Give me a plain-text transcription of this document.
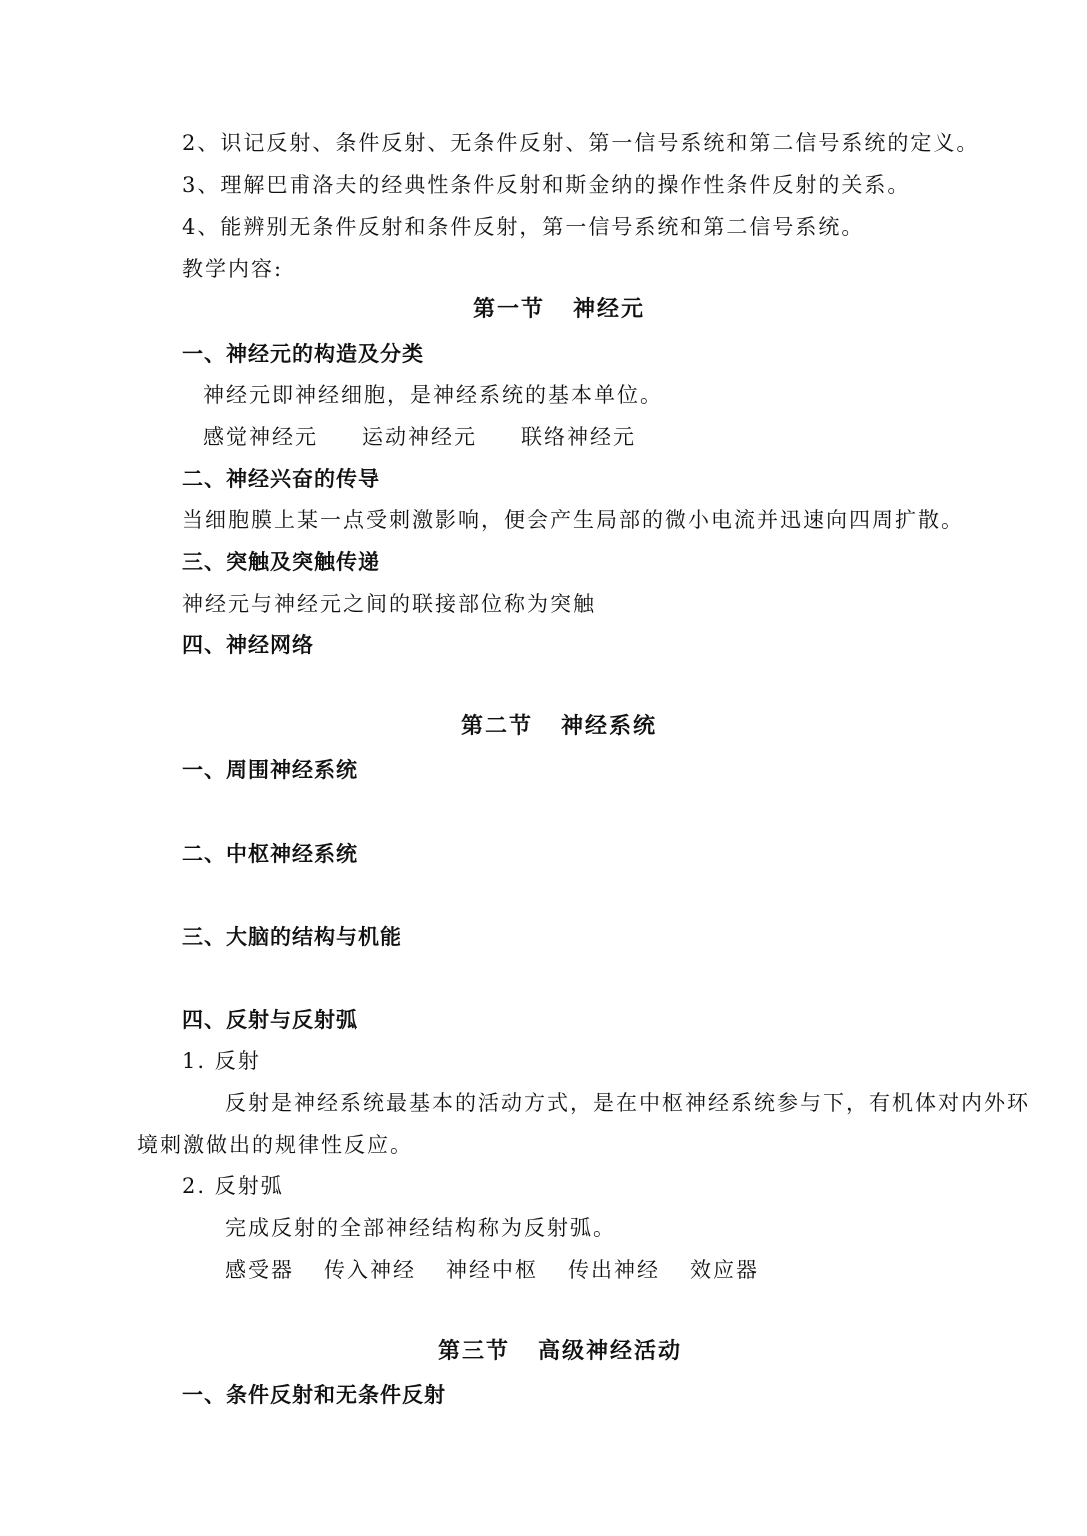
2、识记反射、条件反射、无条件反射、第一信号系统和第二信号系统的定义。
3、理解巴甫洛夫的经典性条件反射和斯金纳的操作性条件反射的关系。
4、能辨别无条件反射和条件反射，第一信号系统和第二信号系统。
教学内容:
第一节 神经元
一、神经元的构造及分类
神经元即神经细胞，是神经系统的基本单位。
感觉神经元 运动神经元 联络神经元
二、神经兴奋的传导
当细胞膜上某一点受刺激影响，便会产生局部的微小电流并迅速向四周扩散。
三、突触及突触传递
神经元与神经元之间的联接部位称为突触
四、神经网络
第二节 神经系统
一、周围神经系统
二、中枢神经系统
三、大脑的结构与机能
四、反射与反射弧
1. 反射
反射是神经系统最基本的活动方式，是在中枢神经系统参与下，有机体对内外环
境刺激做出的规律性反应。
2. 反射弧
完成反射的全部神经结构称为反射弧。
感受器 传入神经 神经中枢 传出神经 效应器
第三节 高级神经活动
一、条件反射和无条件反射
